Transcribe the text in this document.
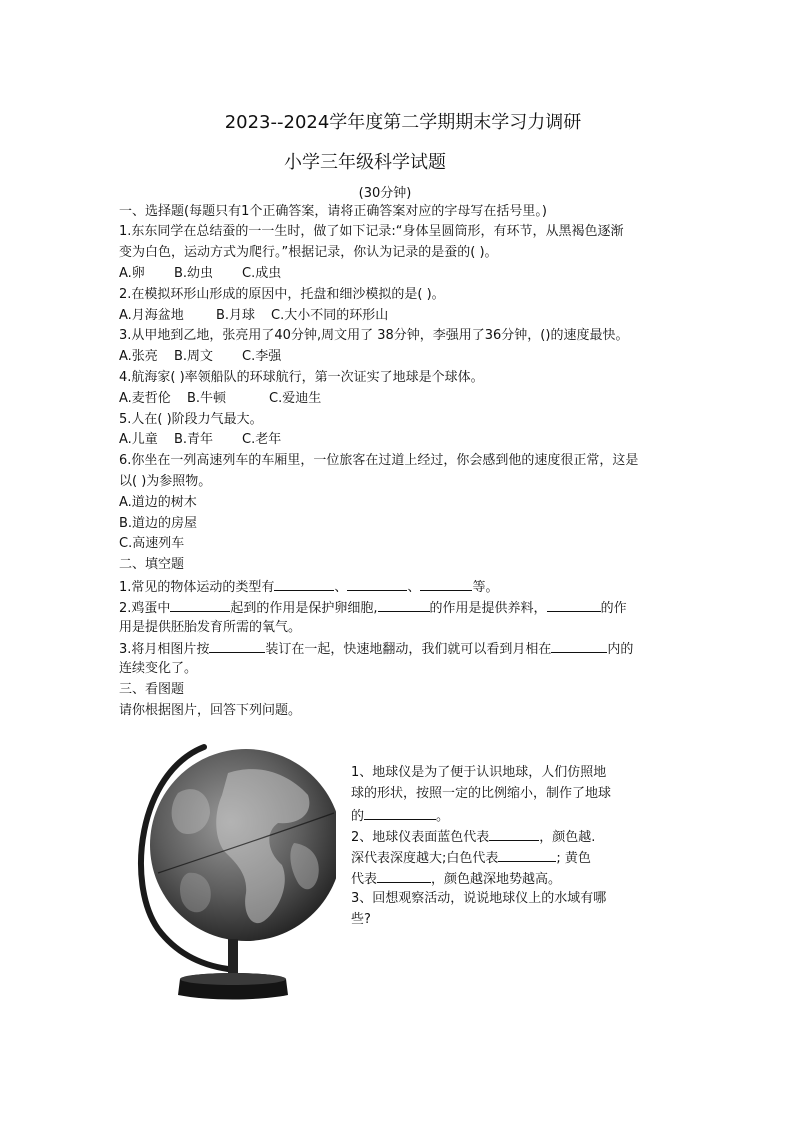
2023--2024学年度第二学期期末学习力调研
小学三年级科学试题
(30分钟)
一、选择题(每题只有1个正确答案，请将正确答案对应的字母写在括号里。)
1.东东同学在总结蚕的一一生时，做了如下记录:“身体呈圆筒形，有环节，从黑褐色逐渐
变为白色，运动方式为爬行。”根据记录，你认为记录的是蚕的( )。
A.卵 B.幼虫 C.成虫
2.在模拟环形山形成的原因中，托盘和细沙模拟的是( )。
A.月海盆地 B.月球 C.大小不同的环形山
3.从甲地到乙地，张亮用了40分钟,周文用了 38分钟，李强用了36分钟，()的速度最快。
A.张亮 B.周文 C.李强
4.航海家( )率领船队的环球航行，第一次证实了地球是个球体。
A.麦哲伦 B.牛顿	C.爱迪生
5.人在( )阶段力气最大。
A.儿童 B.青年 C.老年
6.你坐在一列高速列车的车厢里，一位旅客在过道上经过，你会感到他的速度很正常，这是
以( )为参照物。
A.道边的树木
B.道边的房屋
C.高速列车
二、填空题
1.常见的物体运动的类型有	、	、	等。
2.鸡蛋中	起到的作用是保护卵细胞,	的作用是提供养料，	的作
用是提供胚胎发育所需的氧气。
3.将月相图片按	装订在一起，快速地翻动，我们就可以看到月相在	内的
连续变化了。
三、看图题
请你根据图片，回答下列问题。
1、地球仪是为了便于认识地球，人们仿照地
球的形状，按照一定的比例缩小，制作了地球
的	。
2、地球仪表面蓝色代表	，颜色越.
深代表深度越大;白色代表	; 黄色
代表	，颜色越深地势越高。
3、回想观察活动，说说地球仪上的水域有哪
些?
